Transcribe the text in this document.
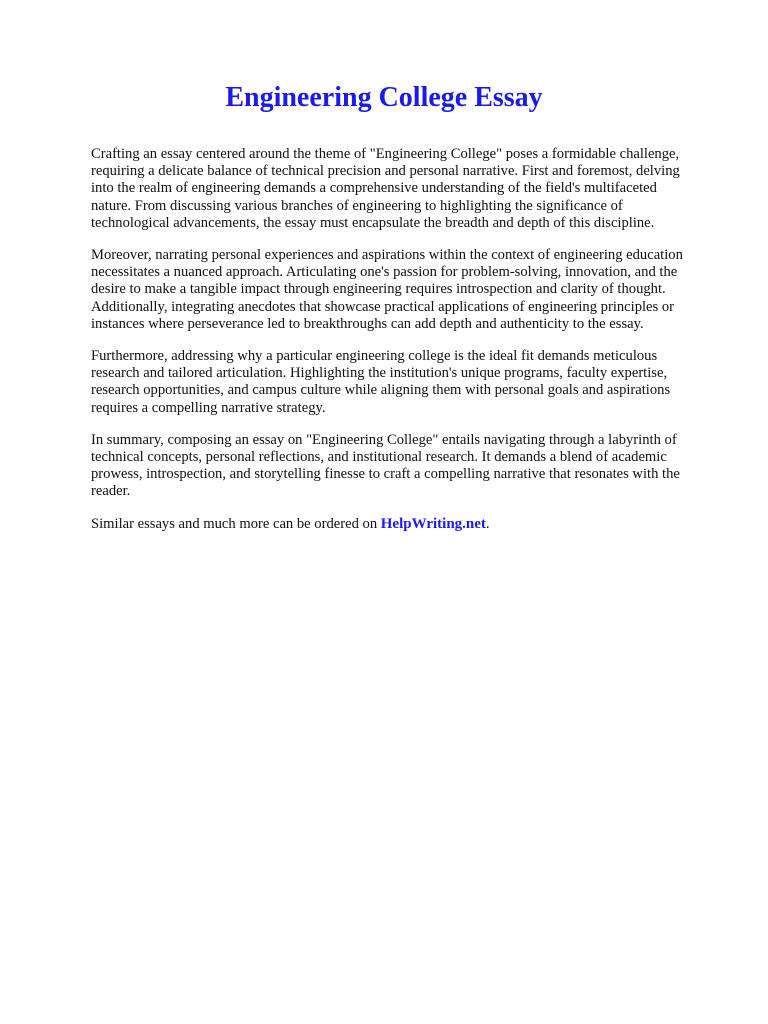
Engineering College Essay

Crafting an essay centered around the theme of "Engineering College" poses a formidable challenge, requiring a delicate balance of technical precision and personal narrative. First and foremost, delving into the realm of engineering demands a comprehensive understanding of the field's multifaceted nature. From discussing various branches of engineering to highlighting the significance of technological advancements, the essay must encapsulate the breadth and depth of this discipline.

Moreover, narrating personal experiences and aspirations within the context of engineering education necessitates a nuanced approach. Articulating one's passion for problem-solving, innovation, and the desire to make a tangible impact through engineering requires introspection and clarity of thought. Additionally, integrating anecdotes that showcase practical applications of engineering principles or instances where perseverance led to breakthroughs can add depth and authenticity to the essay.

Furthermore, addressing why a particular engineering college is the ideal fit demands meticulous research and tailored articulation. Highlighting the institution's unique programs, faculty expertise, research opportunities, and campus culture while aligning them with personal goals and aspirations requires a compelling narrative strategy.

In summary, composing an essay on "Engineering College" entails navigating through a labyrinth of technical concepts, personal reflections, and institutional research. It demands a blend of academic prowess, introspection, and storytelling finesse to craft a compelling narrative that resonates with the reader.

Similar essays and much more can be ordered on HelpWriting.net.
